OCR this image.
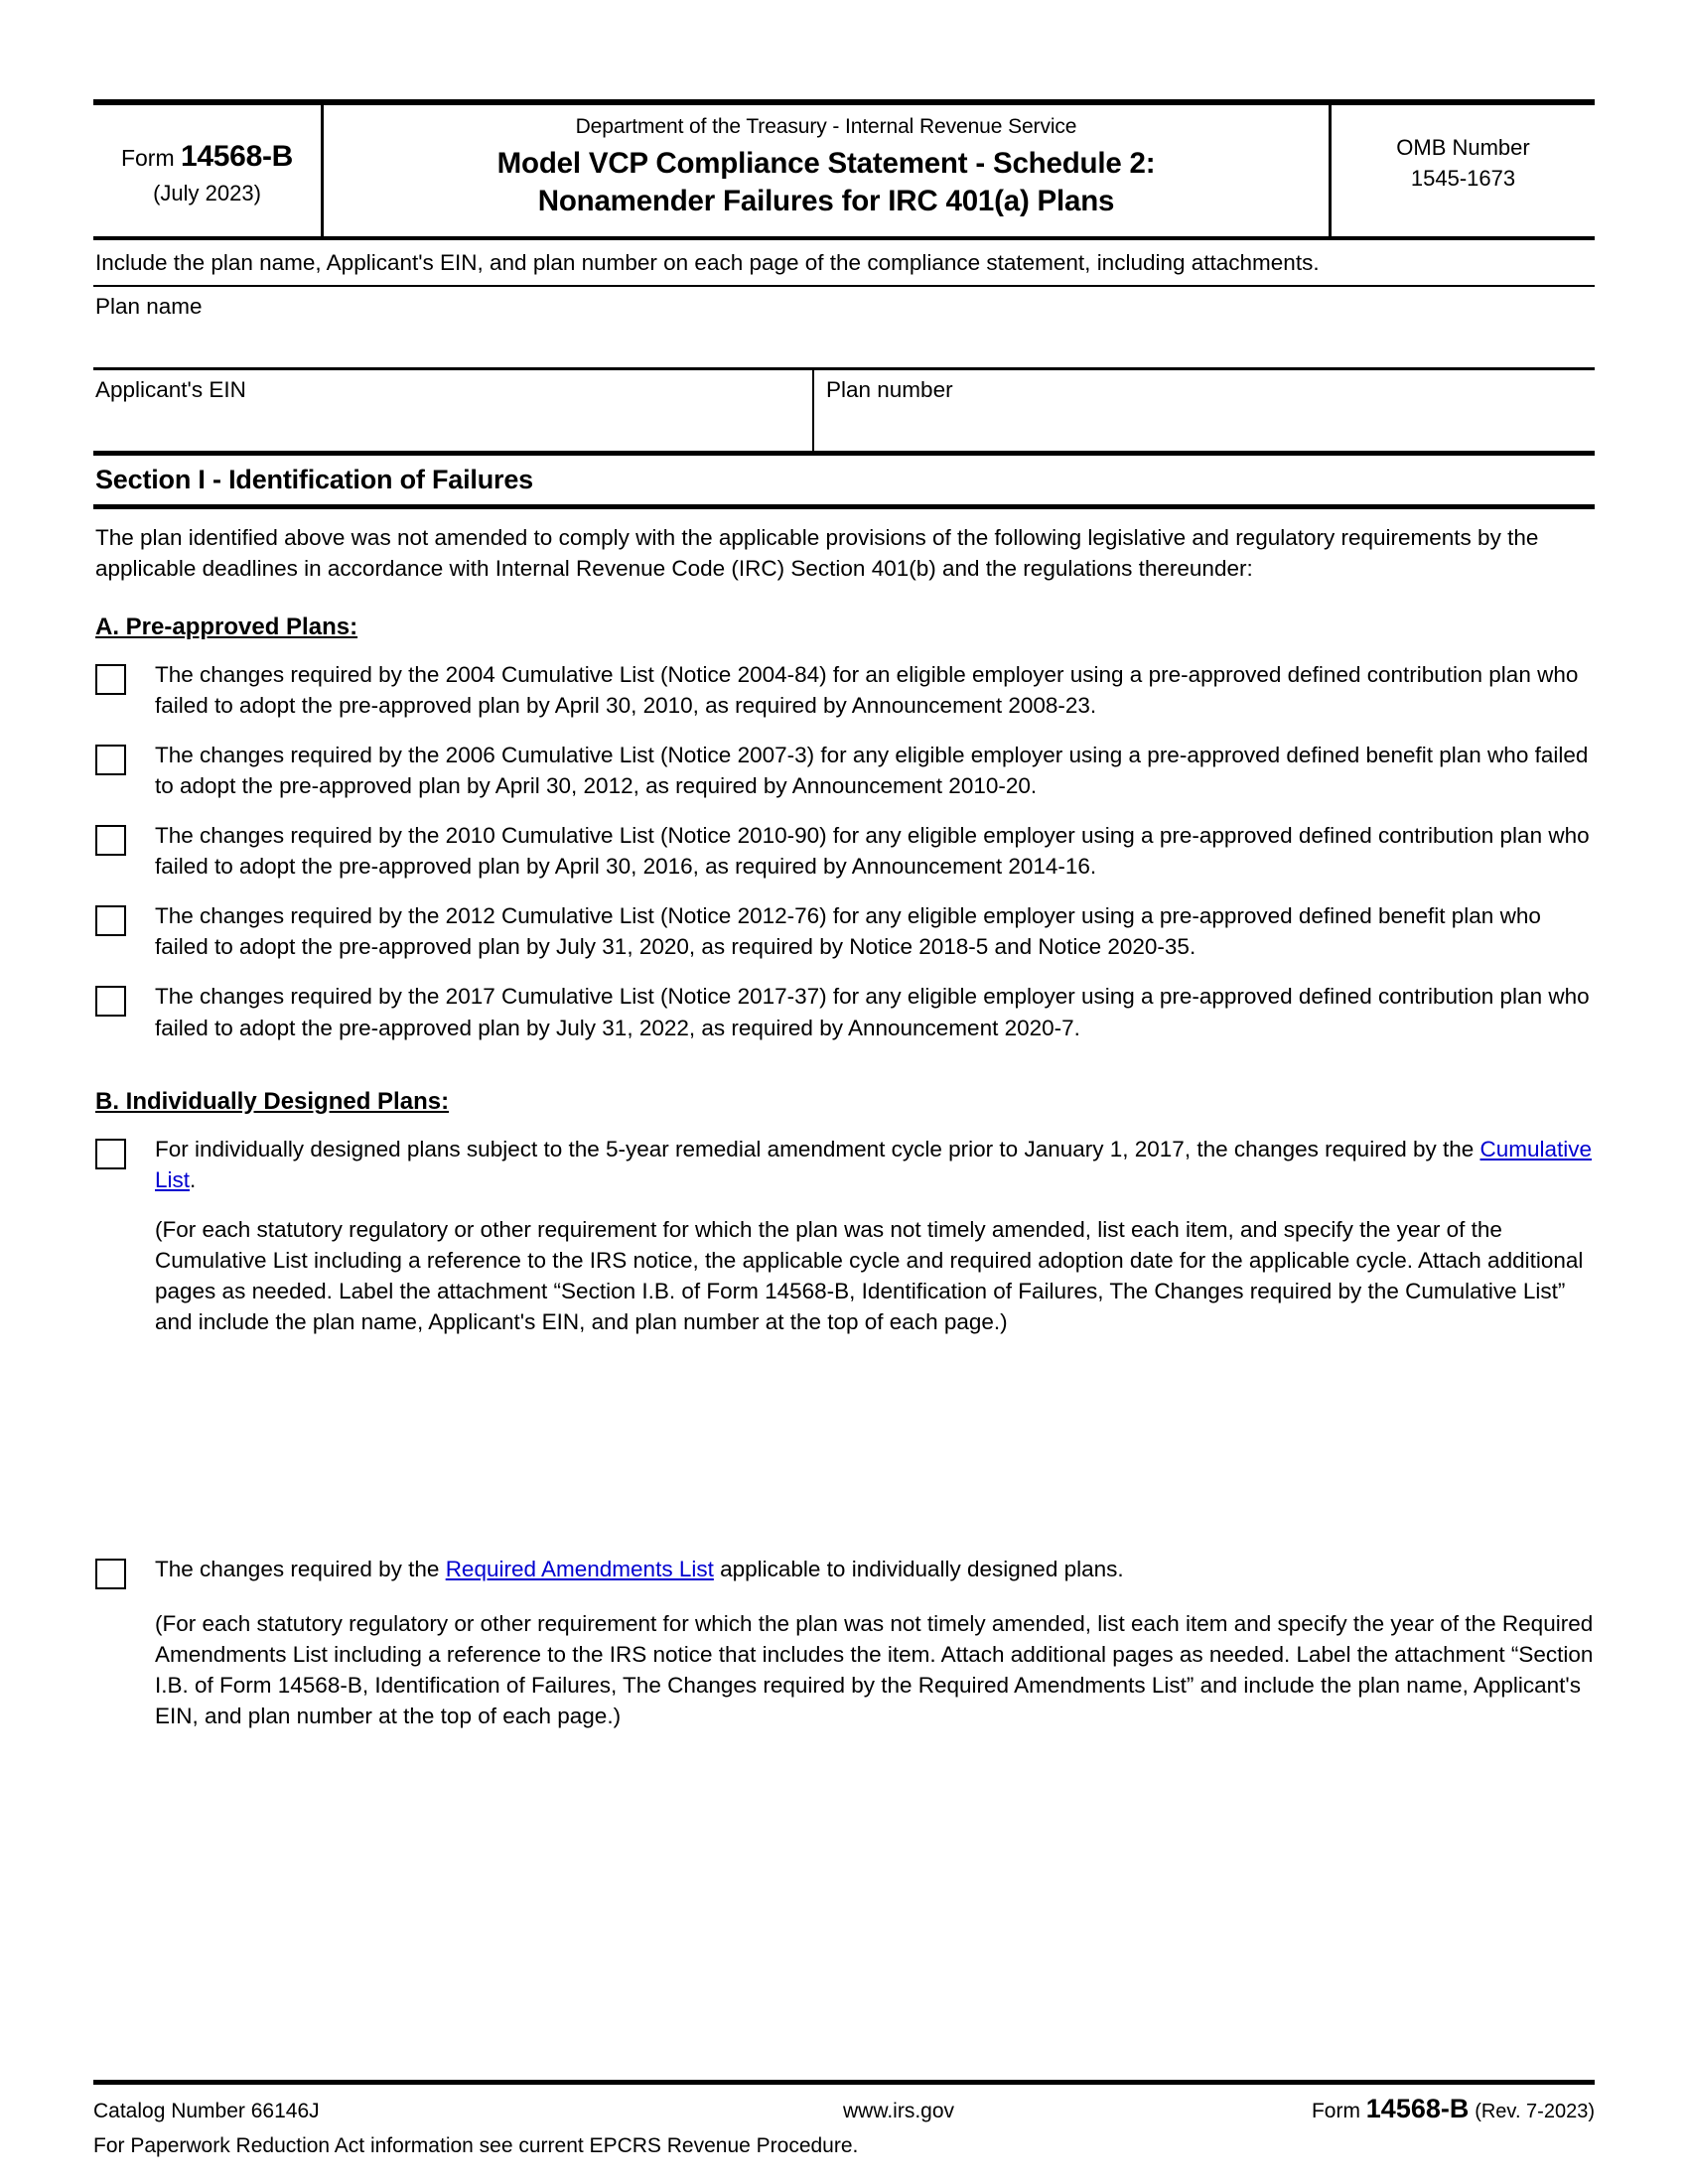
Form 14568-B
(July 2023)
Department of the Treasury - Internal Revenue Service
Model VCP Compliance Statement - Schedule 2:
Nonamender Failures for IRC 401(a) Plans
OMB Number
1545-1673
Include the plan name, Applicant's EIN, and plan number on each page of the compliance statement, including attachments.
Plan name
Applicant's EIN	Plan number
Section I - Identification of Failures
The plan identified above was not amended to comply with the applicable provisions of the following legislative and regulatory requirements by the applicable deadlines in accordance with Internal Revenue Code (IRC) Section 401(b) and the regulations thereunder:
A. Pre-approved Plans:
The changes required by the 2004 Cumulative List (Notice 2004-84) for an eligible employer using a pre-approved defined contribution plan who failed to adopt the pre-approved plan by April 30, 2010, as required by Announcement 2008-23.
The changes required by the 2006 Cumulative List (Notice 2007-3) for any eligible employer using a pre-approved defined benefit plan who failed to adopt the pre-approved plan by April 30, 2012, as required by Announcement 2010-20.
The changes required by the 2010 Cumulative List (Notice 2010-90) for any eligible employer using a pre-approved defined contribution plan who failed to adopt the pre-approved plan by April 30, 2016, as required by Announcement 2014-16.
The changes required by the 2012 Cumulative List (Notice 2012-76) for any eligible employer using a pre-approved defined benefit plan who failed to adopt the pre-approved plan by July 31, 2020, as required by Notice 2018-5 and Notice 2020-35.
The changes required by the 2017 Cumulative List (Notice 2017-37) for any eligible employer using a pre-approved defined contribution plan who failed to adopt the pre-approved plan by July 31, 2022, as required by Announcement 2020-7.
B. Individually Designed Plans:
For individually designed plans subject to the 5-year remedial amendment cycle prior to January 1, 2017, the changes required by the Cumulative List.
(For each statutory regulatory or other requirement for which the plan was not timely amended, list each item, and specify the year of the Cumulative List including a reference to the IRS notice, the applicable cycle and required adoption date for the applicable cycle. Attach additional pages as needed. Label the attachment “Section I.B. of Form 14568-B, Identification of Failures, The Changes required by the Cumulative List” and include the plan name, Applicant's EIN, and plan number at the top of each page.)
The changes required by the Required Amendments List applicable to individually designed plans.
(For each statutory regulatory or other requirement for which the plan was not timely amended, list each item and specify the year of the Required Amendments List including a reference to the IRS notice that includes the item. Attach additional pages as needed. Label the attachment “Section I.B. of Form 14568-B, Identification of Failures, The Changes required by the Required Amendments List” and include the plan name, Applicant's EIN, and plan number at the top of each page.)
Catalog Number 66146J	www.irs.gov	Form 14568-B (Rev. 7-2023)
For Paperwork Reduction Act information see current EPCRS Revenue Procedure.
